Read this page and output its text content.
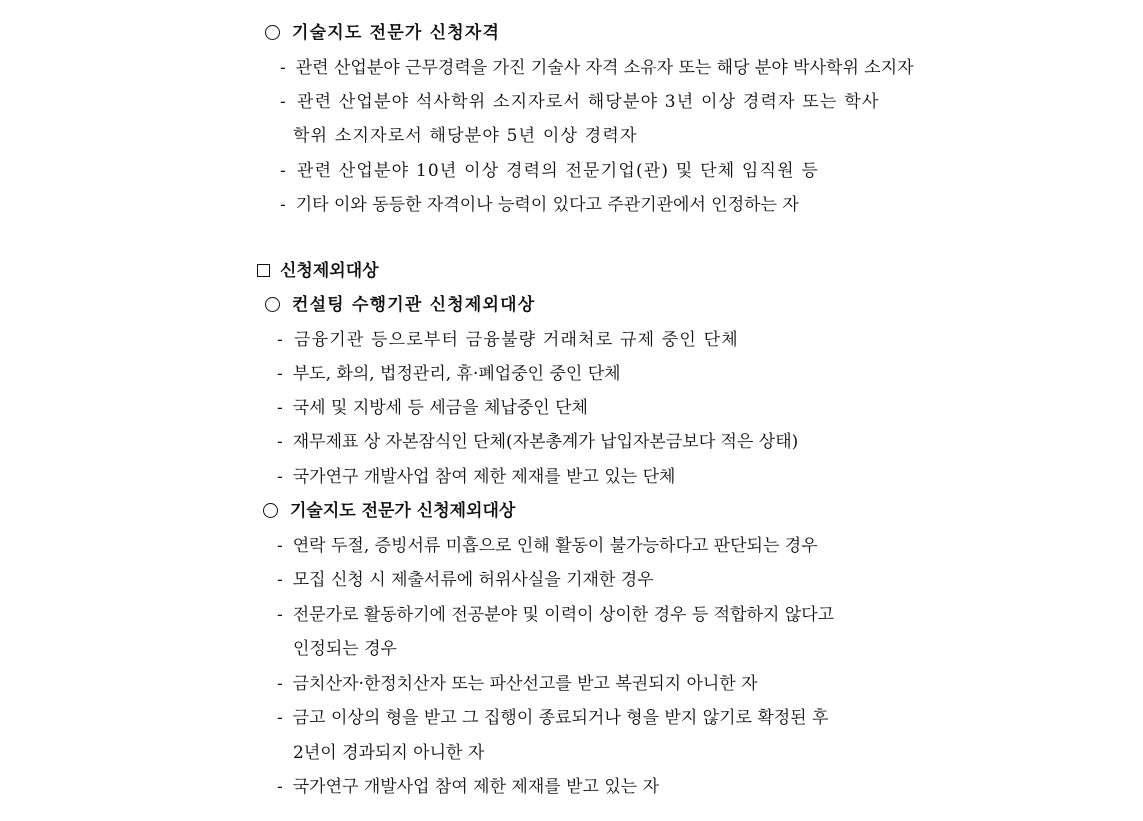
기술지도 전문가 신청자격
- 관련 산업분야 근무경력을 가진 기술사 자격 소유자 또는 해당 분야 박사학위 소지자
- 관련 산업분야 석사학위 소지자로서 해당분야 3년 이상 경력자 또는 학사
학위 소지자로서 해당분야 5년 이상 경력자
- 관련 산업분야 10년 이상 경력의 전문기업(관) 및 단체 임직원 등
- 기타 이와 동등한 자격이나 능력이 있다고 주관기관에서 인정하는 자
신청제외대상
컨설팅 수행기관 신청제외대상
- 금융기관 등으로부터 금융불량 거래처로 규제 중인 단체
- 부도, 화의, 법정관리, 휴·폐업중인 중인 단체
- 국세 및 지방세 등 세금을 체납중인 단체
- 재무제표 상 자본잠식인 단체(자본총계가 납입자본금보다 적은 상태)
- 국가연구 개발사업 참여 제한 제재를 받고 있는 단체
기술지도 전문가 신청제외대상
- 연락 두절, 증빙서류 미흡으로 인해 활동이 불가능하다고 판단되는 경우
- 모집 신청 시 제출서류에 허위사실을 기재한 경우
- 전문가로 활동하기에 전공분야 및 이력이 상이한 경우 등 적합하지 않다고
인정되는 경우
- 금치산자·한정치산자 또는 파산선고를 받고 복권되지 아니한 자
- 금고 이상의 형을 받고 그 집행이 종료되거나 형을 받지 않기로 확정된 후
2년이 경과되지 아니한 자
- 국가연구 개발사업 참여 제한 제재를 받고 있는 자
